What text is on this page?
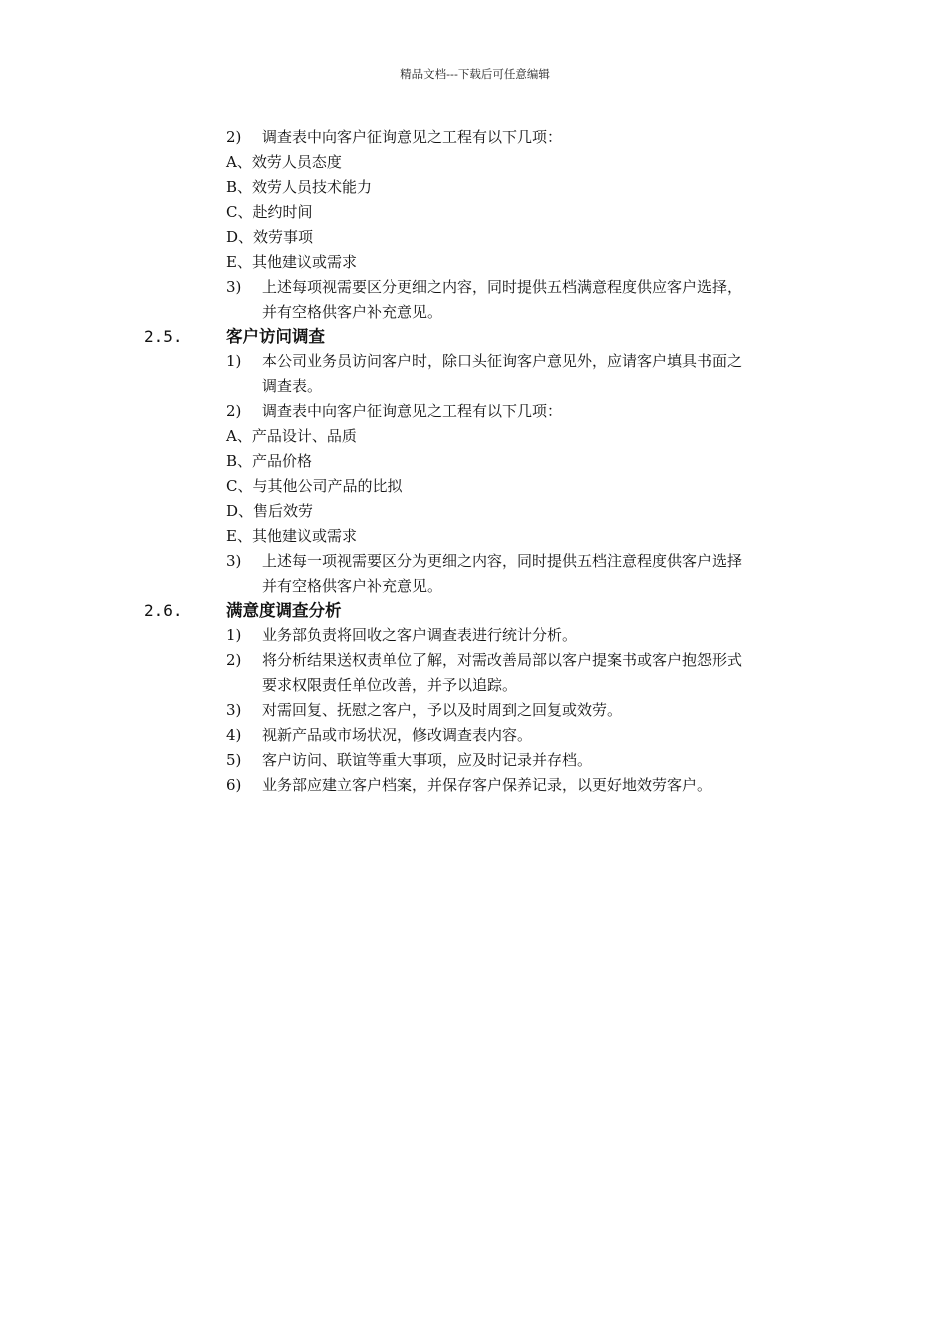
精品文档---下载后可任意编辑
2) 调查表中向客户征询意见之工程有以下几项：
A、效劳人员态度
B、效劳人员技术能力
C、赴约时间
D、效劳事项
E、其他建议或需求
3) 上述每项视需要区分更细之内容，同时提供五档满意程度供应客户选择，
并有空格供客户补充意见。
2.5.	客户访问调查
1) 本公司业务员访问客户时，除口头征询客户意见外，应请客户填具书面之
调查表。
2) 调查表中向客户征询意见之工程有以下几项：
A、产品设计、品质
B、产品价格
C、与其他公司产品的比拟
D、售后效劳
E、其他建议或需求
3) 上述每一项视需要区分为更细之内容，同时提供五档注意程度供客户选择
并有空格供客户补充意见。
2.6.	满意度调查分析
1) 业务部负责将回收之客户调查表进行统计分析。
2) 将分析结果送权责单位了解，对需改善局部以客户提案书或客户抱怨形式
要求权限责任单位改善，并予以追踪。
3) 对需回复、抚慰之客户，予以及时周到之回复或效劳。
4) 视新产品或市场状况，修改调查表内容。
5) 客户访问、联谊等重大事项，应及时记录并存档。
6) 业务部应建立客户档案，并保存客户保养记录，以更好地效劳客户。
